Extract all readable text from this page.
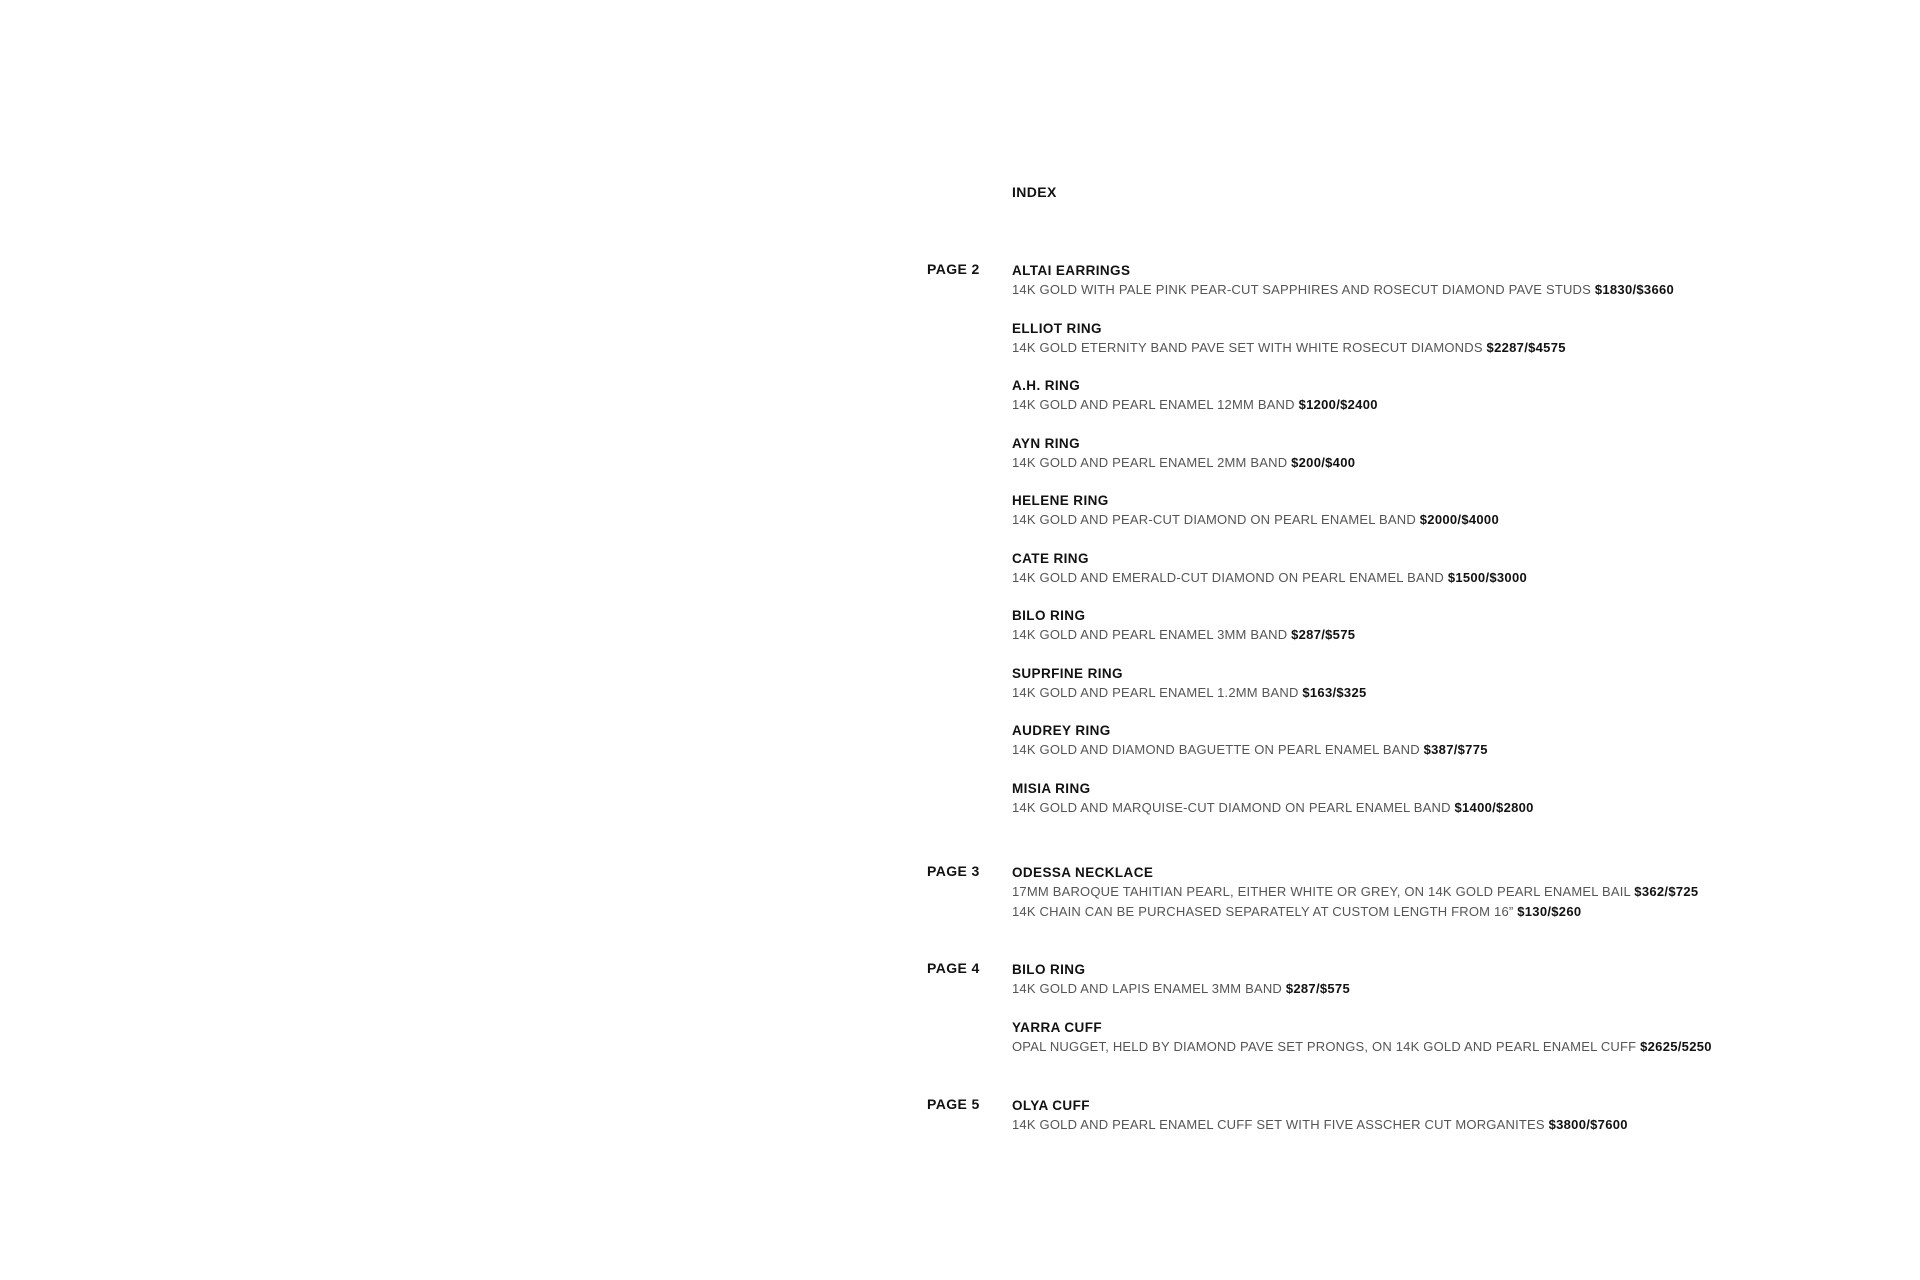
INDEX
PAGE 2 ALTAI EARRINGS
14K GOLD WITH PALE PINK PEAR-CUT SAPPHIRES AND ROSECUT DIAMOND PAVE STUDS $1830/$3660
ELLIOT RING
14K GOLD ETERNITY BAND PAVE SET WITH WHITE ROSECUT DIAMONDS $2287/$4575
A.H. RING
14K GOLD AND PEARL ENAMEL 12MM BAND $1200/$2400
AYN RING
14K GOLD AND PEARL ENAMEL 2MM BAND $200/$400
HELENE RING
14K GOLD AND PEAR-CUT DIAMOND ON PEARL ENAMEL BAND $2000/$4000
CATE RING
14K GOLD AND EMERALD-CUT DIAMOND ON PEARL ENAMEL BAND $1500/$3000
BILO RING
14K GOLD AND PEARL ENAMEL 3MM BAND $287/$575
SUPRFINE RING
14K GOLD AND PEARL ENAMEL 1.2MM BAND $163/$325
AUDREY RING
14K GOLD AND DIAMOND BAGUETTE ON PEARL ENAMEL BAND $387/$775
MISIA RING
14K GOLD AND MARQUISE-CUT DIAMOND ON PEARL ENAMEL BAND $1400/$2800
PAGE 3 ODESSA NECKLACE
17MM BAROQUE TAHITIAN PEARL, EITHER WHITE OR GREY, ON 14K GOLD PEARL ENAMEL BAIL $362/$725
14K CHAIN CAN BE PURCHASED SEPARATELY AT CUSTOM LENGTH FROM 16” $130/$260
PAGE 4 BILO RING
14K GOLD AND LAPIS ENAMEL 3MM BAND $287/$575
YARRA CUFF
OPAL NUGGET, HELD BY DIAMOND PAVE SET PRONGS, ON 14K GOLD AND PEARL ENAMEL CUFF $2625/5250
PAGE 5 OLYA CUFF
14K GOLD AND PEARL ENAMEL CUFF SET WITH FIVE ASSCHER CUT MORGANITES $3800/$7600
